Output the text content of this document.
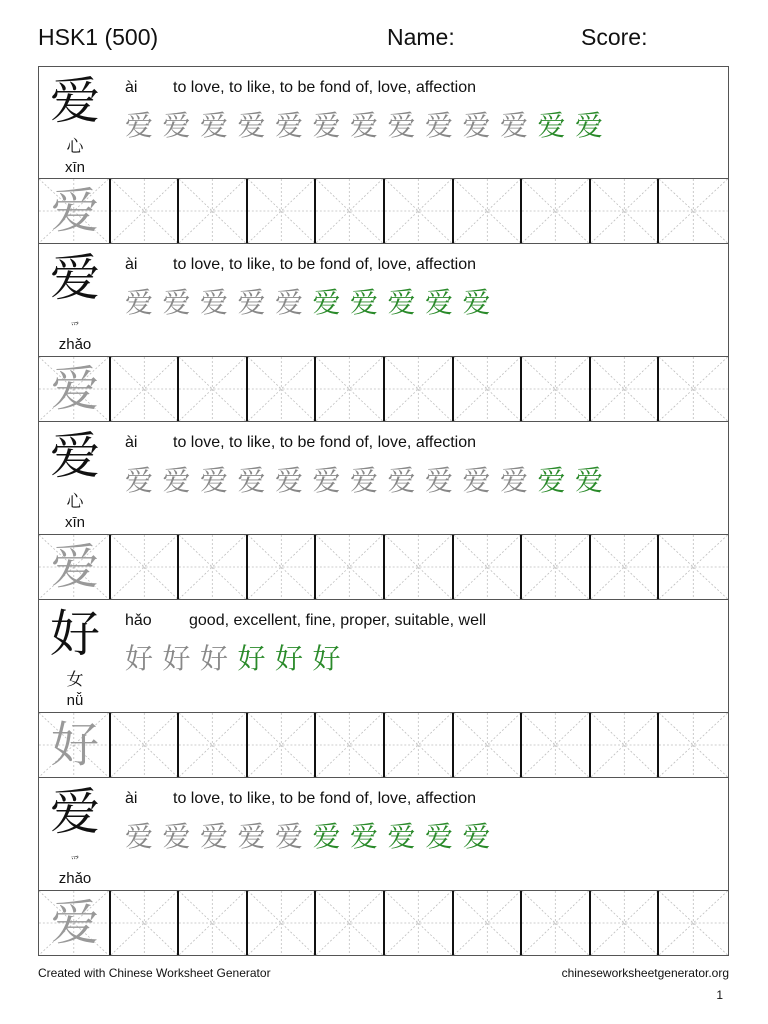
HSK1 (500)	Name:	Score:
爱
心
xīn
ài to love, to like, to be fond of, love, affection
爱 爱 爱 爱 爱 爱 爱 爱 爱 爱 爱 爱 爱
爱
爱
爫
zhǎo
ài to love, to like, to be fond of, love, affection
爱 爱 爱 爱 爱 爱 爱 爱 爱 爱
爱
爱
心
xīn
ài to love, to like, to be fond of, love, affection
爱 爱 爱 爱 爱 爱 爱 爱 爱 爱 爱 爱 爱
爱
好
女
nǚ
hǎo good, excellent, fine, proper, suitable, well
好 好 好 好 好 好
好
爱
爫
zhǎo
ài to love, to like, to be fond of, love, affection
爱 爱 爱 爱 爱 爱 爱 爱 爱 爱
爱
Created with Chinese Worksheet Generator	chineseworksheetgenerator.org
1
